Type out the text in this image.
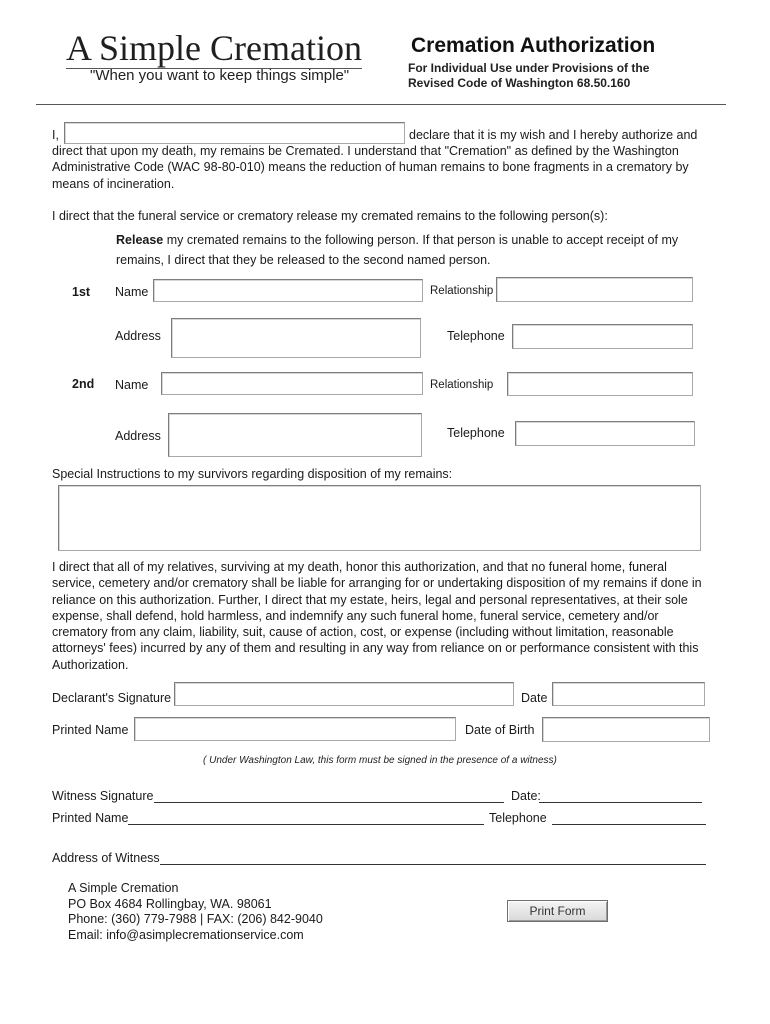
A Simple Cremation
"When you want to keep things simple"
Cremation Authorization
For Individual Use under Provisions of the
Revised Code of Washington 68.50.160
I,	declare that it is my wish and I hereby authorize and
direct that upon my death, my remains be Cremated. I understand that "Cremation" as defined by the Washington
Administrative Code (WAC 98-80-010) means the reduction of human remains to bone fragments in a crematory by
means of incineration.
I direct that the funeral service or crematory release my cremated remains to the following person(s):
Release my cremated remains to the following person. If that person is unable to accept receipt of my
remains, I direct that they be released to the second named person.
1st Name	Relationship
Address	Telephone
2nd Name	Relationship
Address	Telephone
Special Instructions to my survivors regarding disposition of my remains:
I direct that all of my relatives, surviving at my death, honor this authorization, and that no funeral home, funeral
service, cemetery and/or crematory shall be liable for arranging for or undertaking disposition of my remains if done in
reliance on this authorization. Further, I direct that my estate, heirs, legal and personal representatives, at their sole
expense, shall defend, hold harmless, and indemnify any such funeral home, funeral service, cemetery and/or
crematory from any claim, liability, suit, cause of action, cost, or expense (including without limitation, reasonable
attorneys' fees) incurred by any of them and resulting in any way from reliance on or performance consistent with this
Authorization.
Declarant's Signature	Date
Printed Name	Date of Birth
( Under Washington Law, this form must be signed in the presence of a witness)
Witness Signature	Date:
Printed Name	Telephone
Address of Witness
A Simple Cremation
PO Box 4684 Rollingbay, WA. 98061
Phone: (360) 779-7988 | FAX: (206) 842-9040
Email: info@asimplecremationservice.com
Print Form
